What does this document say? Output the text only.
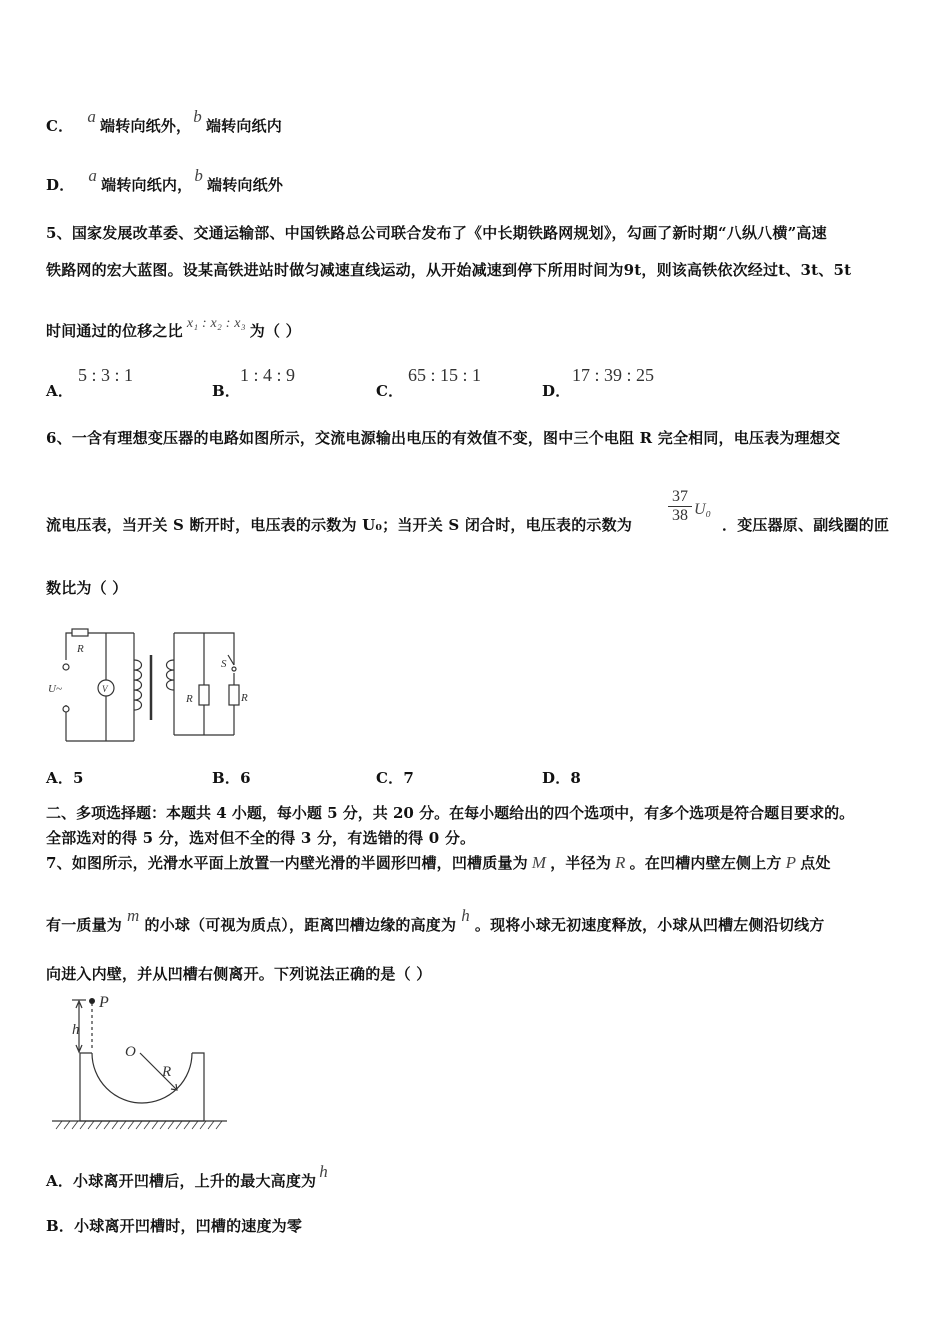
C． a 端转向纸外， b 端转向纸内
D． a 端转向纸内， b 端转向纸外
5、国家发展改革委、交通运输部、中国铁路总公司联合发布了《中长期铁路网规划》，勾画了新时期“八纵八横”高速
铁路网的宏大蓝图。设某高铁进站时做匀减速直线运动，从开始减速到停下所用时间为9t，则该高铁依次经过t、3t、5t
时间通过的位移之比 x₁ : x₂ : x₃ 为（ ）
A．
5 : 3 : 1
B．
1 : 4 : 9
C．
65 : 15 : 1
D．
17 : 39 : 25
6、一含有理想变压器的电路如图所示，交流电源输出电压的有效值不变，图中三个电阻 R 完全相同，电压表为理想交
流电压表，当开关 S 断开时，电压表的示数为 U₀；当开关 S 闭合时，电压表的示数为 $\frac{37}{38} U_0$
．变压器原、副线圈的匝
数比为（ ）
R
U~	V
R
S
R
A．5	B．6	C．7	D．8
二、多项选择题：本题共 4 小题，每小题 5 分，共 20 分。在每小题给出的四个选项中，有多个选项是符合题目要求的。
全部选对的得 5 分，选对但不全的得 3 分，有选错的得 0 分。
7、如图所示，光滑水平面上放置一内壁光滑的半圆形凹槽，凹槽质量为 M ，半径为 R 。在凹槽内壁左侧上方 P 点处
有一质量为 m 的小球（可视为质点），距离凹槽边缘的高度为 h 。现将小球无初速度释放，小球从凹槽左侧沿切线方
向进入内壁，并从凹槽右侧离开。下列说法正确的是（ ）
P
h
O
R
A．小球离开凹槽后，上升的最大高度为 h
B．小球离开凹槽时，凹槽的速度为零
